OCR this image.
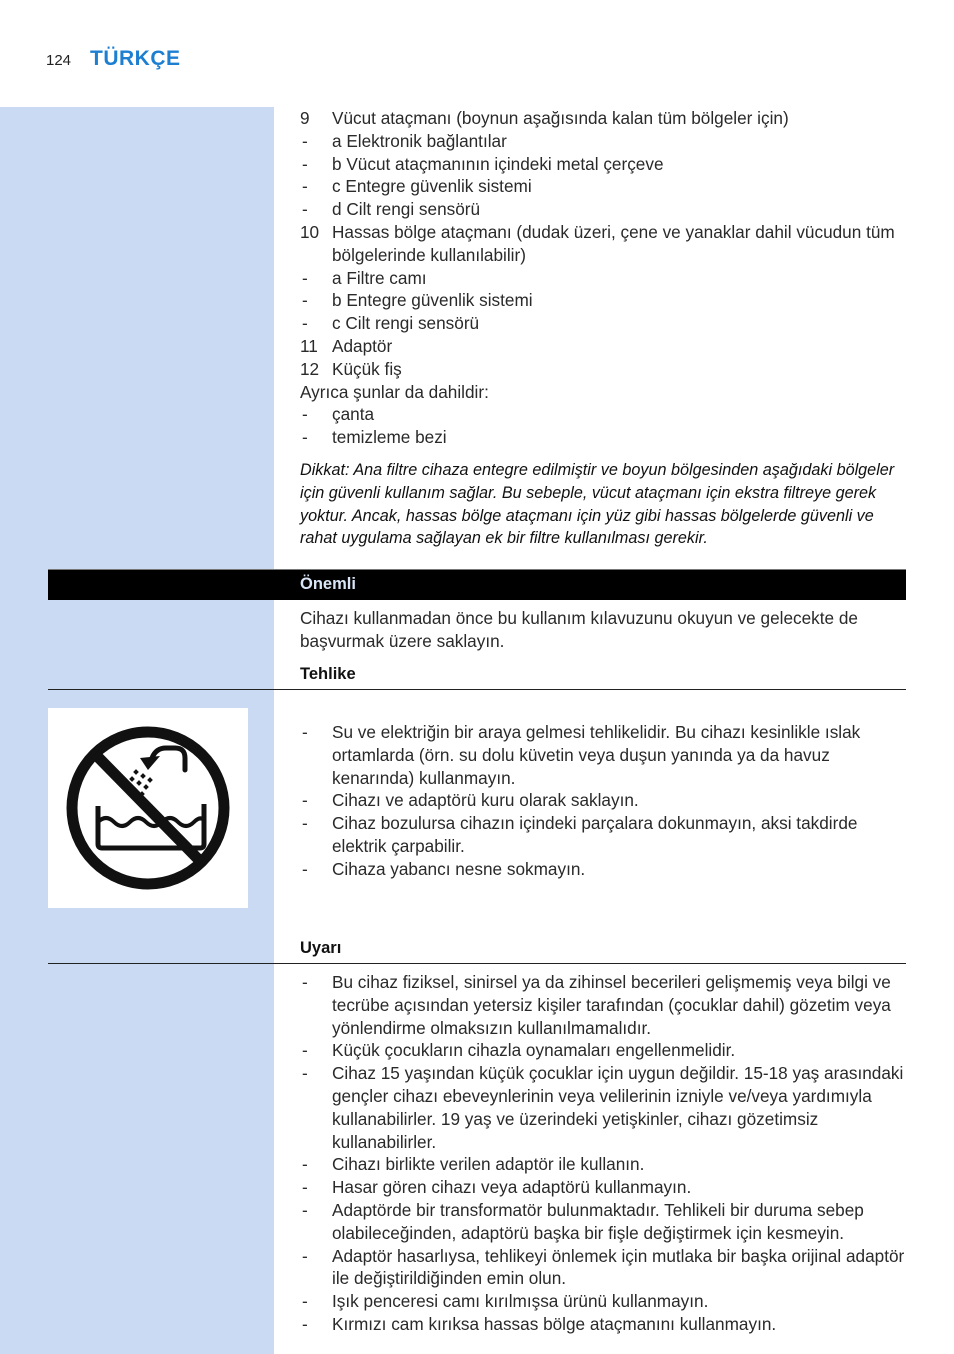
124 TÜRKÇE
9 Vücut ataçmanı (boynun aşağısında kalan tüm bölgeler için)
- a Elektronik bağlantılar
- b Vücut ataçmanının içindeki metal çerçeve
- c Entegre güvenlik sistemi
- d Cilt rengi sensörü
10 Hassas bölge ataçmanı (dudak üzeri, çene ve yanaklar dahil vücudun tüm bölgelerinde kullanılabilir)
- a Filtre camı
- b Entegre güvenlik sistemi
- c Cilt rengi sensörü
11 Adaptör
12 Küçük fiş
Ayrıca şunlar da dahildir:
- çanta
- temizleme bezi
Dikkat: Ana filtre cihaza entegre edilmiştir ve boyun bölgesinden aşağıdaki bölgeler için güvenli kullanım sağlar. Bu sebeple, vücut ataçmanı için ekstra filtreye gerek yoktur. Ancak, hassas bölge ataçmanı için yüz gibi hassas bölgelerde güvenli ve rahat uygulama sağlayan ek bir filtre kullanılması gerekir.
Önemli
Cihazı kullanmadan önce bu kullanım kılavuzunu okuyun ve gelecekte de başvurmak üzere saklayın.
Tehlike
- Su ve elektriğin bir araya gelmesi tehlikelidir. Bu cihazı kesinlikle ıslak ortamlarda (örn. su dolu küvetin veya duşun yanında ya da havuz kenarında) kullanmayın.
- Cihazı ve adaptörü kuru olarak saklayın.
- Cihaz bozulursa cihazın içindeki parçalara dokunmayın, aksi takdirde elektrik çarpabilir.
- Cihaza yabancı nesne sokmayın.
Uyarı
- Bu cihaz fiziksel, sinirsel ya da zihinsel becerileri gelişmemiş veya bilgi ve tecrübe açısından yetersiz kişiler tarafından (çocuklar dahil) gözetim veya yönlendirme olmaksızın kullanılmamalıdır.
- Küçük çocukların cihazla oynamaları engellenmelidir.
- Cihaz 15 yaşından küçük çocuklar için uygun değildir. 15-18 yaş arasındaki gençler cihazı ebeveynlerinin veya velilerinin izniyle ve/veya yardımıyla kullanabilirler. 19 yaş ve üzerindeki yetişkinler, cihazı gözetimsiz kullanabilirler.
- Cihazı birlikte verilen adaptör ile kullanın.
- Hasar gören cihazı veya adaptörü kullanmayın.
- Adaptörde bir transformatör bulunmaktadır. Tehlikeli bir duruma sebep olabileceğinden, adaptörü başka bir fişle değiştirmek için kesmeyin.
- Adaptör hasarlıysa, tehlikeyi önlemek için mutlaka bir başka orijinal adaptör ile değiştirildiğinden emin olun.
- Işık penceresi camı kırılmışsa ürünü kullanmayın.
- Kırmızı cam kırıksa hassas bölge ataçmanını kullanmayın.
